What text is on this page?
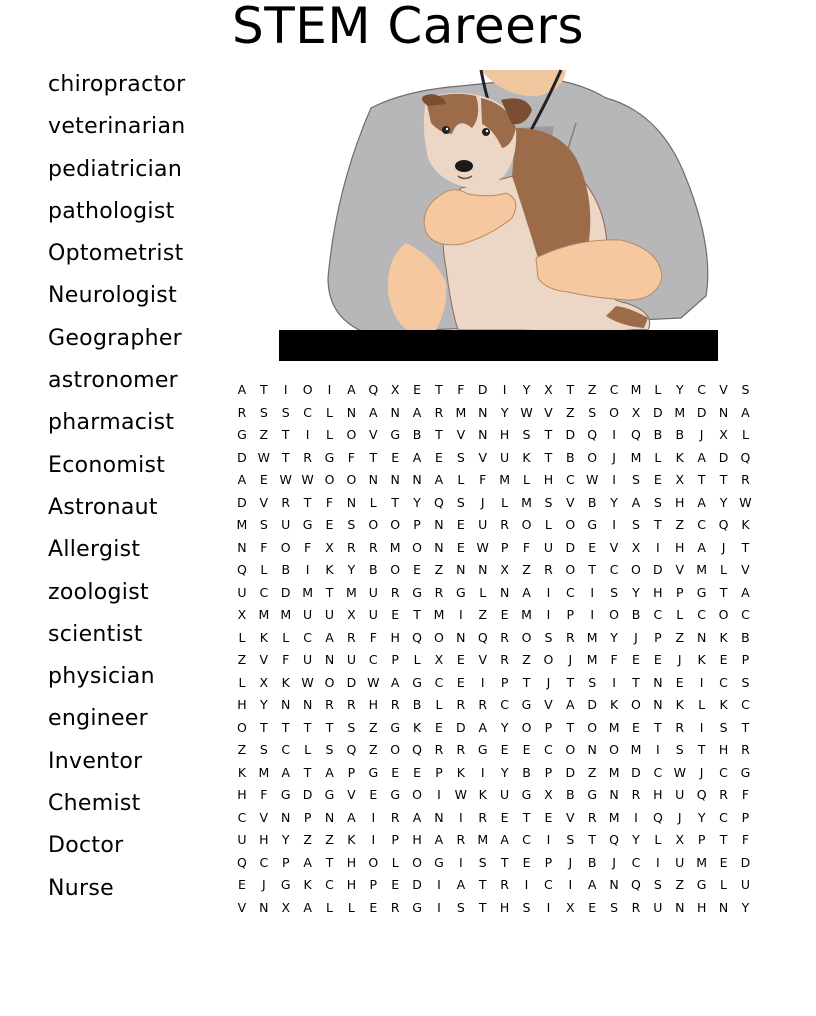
STEM Careers
chiropractor
veterinarian
pediatrician
pathologist
Optometrist
Neurologist
Geographer
astronomer
pharmacist
Economist
Astronaut
Allergist
zoologist
scientist
physician
engineer
Inventor
Chemist
Doctor
Nurse
A	T	I	O	I	A	Q	X	E	T	F	D	I	Y	X	T	Z	C M	L	Y	C	V	S
R	S	S	C	L	N	A	N	A	R M N	Y W V	Z	S	O	X	D M D N	A
G	Z	T	I	L	O	V	G	B	T	V	N	H	S	T	D Q	I	Q	B	B	J	X	L
D W T	R	G	F	T	E	A	E	S	V	U	K	T	B	O	J	M	L	K	A	D Q
A	E W W O O N	N	N	A	L	F	M	L	H	C W	I	S	E	X	T	T	R
D	V	R	T	F	N	L	T	Y	Q	S	J	L	M	S	V	B	Y	A	S	H	A	Y W
M	S	U G	E	S	O O	P	N	E	U	R	O	L	O G	I	S	T	Z	C	Q	K
N	F	O	F	X	R	R M O N	E W P	F	U	D	E	V	X	I	H	A	J	T
Q	L	B	I	K	Y	B	O	E	Z	N	N	X	Z	R	O	T	C	O D	V M	L	V
U	C	D M	T	M U	R	G	R	G	L	N	A	I	C	I	S	Y	H	P	G	T	A
X M M U	U	X	U	E	T	M	I	Z	E	M	I	P	I	O	B	C	L	C	O	C
L	K	L	C	A	R	F	H Q O N Q	R	O	S	R M	Y	J	P	Z	N	K	B
Z	V	F	U	N	U	C	P	L	X	E	V	R	Z	O	J	M	F	E	E	J	K	E	P
L	X	K W O D W A	G	C	E	I	P	T	J	T	S	I	T	N	E	I	C	S
H	Y	N	N	R	R	H	R	B	L	R	R	C	G	V	A	D	K	O N	K	L	K	C
O	T	T	T	T	S	Z	G	K	E	D	A	Y	O	P	T	O M	E	T	R	I	S	T
Z	S	C	L	S	Q	Z	O Q	R	R	G	E	E	C	O N O M	I	S	T	H	R
K M A	T	A	P	G	E	E	P	K	I	Y	B	P	D	Z M D	C W	J	C	G
H	F	G D G	V	E	G O	I	W K	U G	X	B	G N	R	H	U Q	R	F
C	V	N	P	N	A	I	R	A	N	I	R	E	T	E	V	R M	I	Q	J	Y	C	P
U	H	Y	Z	Z	K	I	P	H	A	R M A	C	I	S	T	Q	Y	L	X	P	T	F
Q	C	P	A	T	H O	L	O G	I	S	T	E	P	J	B	J	C	I	U M	E	D
E	J	G	K	C	H	P	E	D	I	A	T	R	I	C	I	A	N Q	S	Z	G	L	U
V	N	X	A	L	L	E	R	G	I	S	T	H	S	I	X	E	S	R	U	N	H	N	Y
